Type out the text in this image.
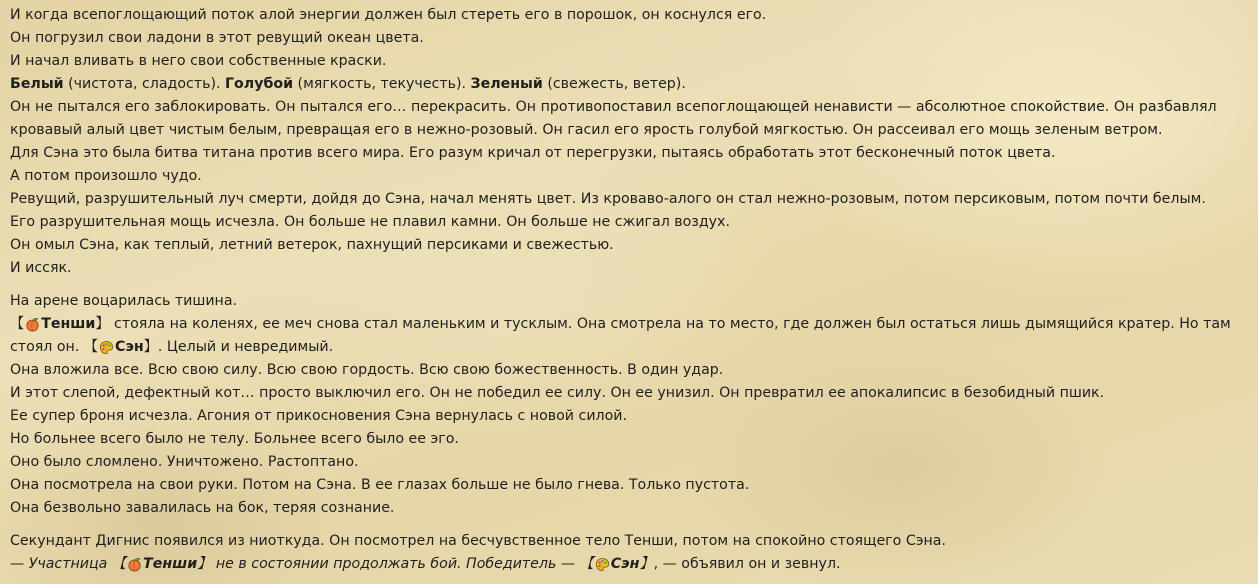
И когда всепоглощающий поток алой энергии должен был стереть его в порошок, он коснулся его.

Он погрузил свои ладони в этот ревущий океан цвета.

И начал вливать в него свои собственные краски.

Белый (чистота, сладость). Голубой (мягкость, текучесть). Зеленый (свежесть, ветер).

Он не пытался его заблокировать. Он пытался его… перекрасить. Он противопоставил всепоглощающей ненависти — абсолютное спокойствие. Он разбавлял

кровавый алый цвет чистым белым, превращая его в нежно-розовый. Он гасил его ярость голубой мягкостью. Он рассеивал его мощь зеленым ветром.

Для Сэна это была битва титана против всего мира. Его разум кричал от перегрузки, пытаясь обработать этот бесконечный поток цвета.

А потом произошло чудо.

Ревущий, разрушительный луч смерти, дойдя до Сэна, начал менять цвет. Из кроваво-алого он стал нежно-розовым, потом персиковым, потом почти белым.

Его разрушительная мощь исчезла. Он больше не плавил камни. Он больше не сжигал воздух.

Он омыл Сэна, как теплый, летний ветерок, пахнущий персиками и свежестью.

И иссяк.

На арене воцарилась тишина.

【 Тенши 】 стояла на коленях, ее меч снова стал маленьким и тусклым. Она смотрела на то место, где должен был остаться лишь дымящийся кратер. Но там

стоял он. 【 Сэн 】 . Целый и невредимый.

Она вложила все. Всю свою силу. Всю свою гордость. Всю свою божественность. В один удар.

И этот слепой, дефектный кот… просто выключил его. Он не победил ее силу. Он ее унизил. Он превратил ее апокалипсис в безобидный пшик.

Ее супер броня исчезла. Агония от прикосновения Сэна вернулась с новой силой.

Но больнее всего было не телу. Больнее всего было ее эго.

Оно было сломлено. Уничтожено. Растоптано.

Она посмотрела на свои руки. Потом на Сэна. В ее глазах больше не было гнева. Только пустота.

Она безвольно завалилась на бок, теряя сознание.

Секундант Дигнис появился из ниоткуда. Он посмотрел на бесчувственное тело Тенши, потом на спокойно стоящего Сэна.

— Участница 【 Тенши 】 не в состоянии продолжать бой. Победитель — 【 Сэн 】 , — объявил он и зевнул.
